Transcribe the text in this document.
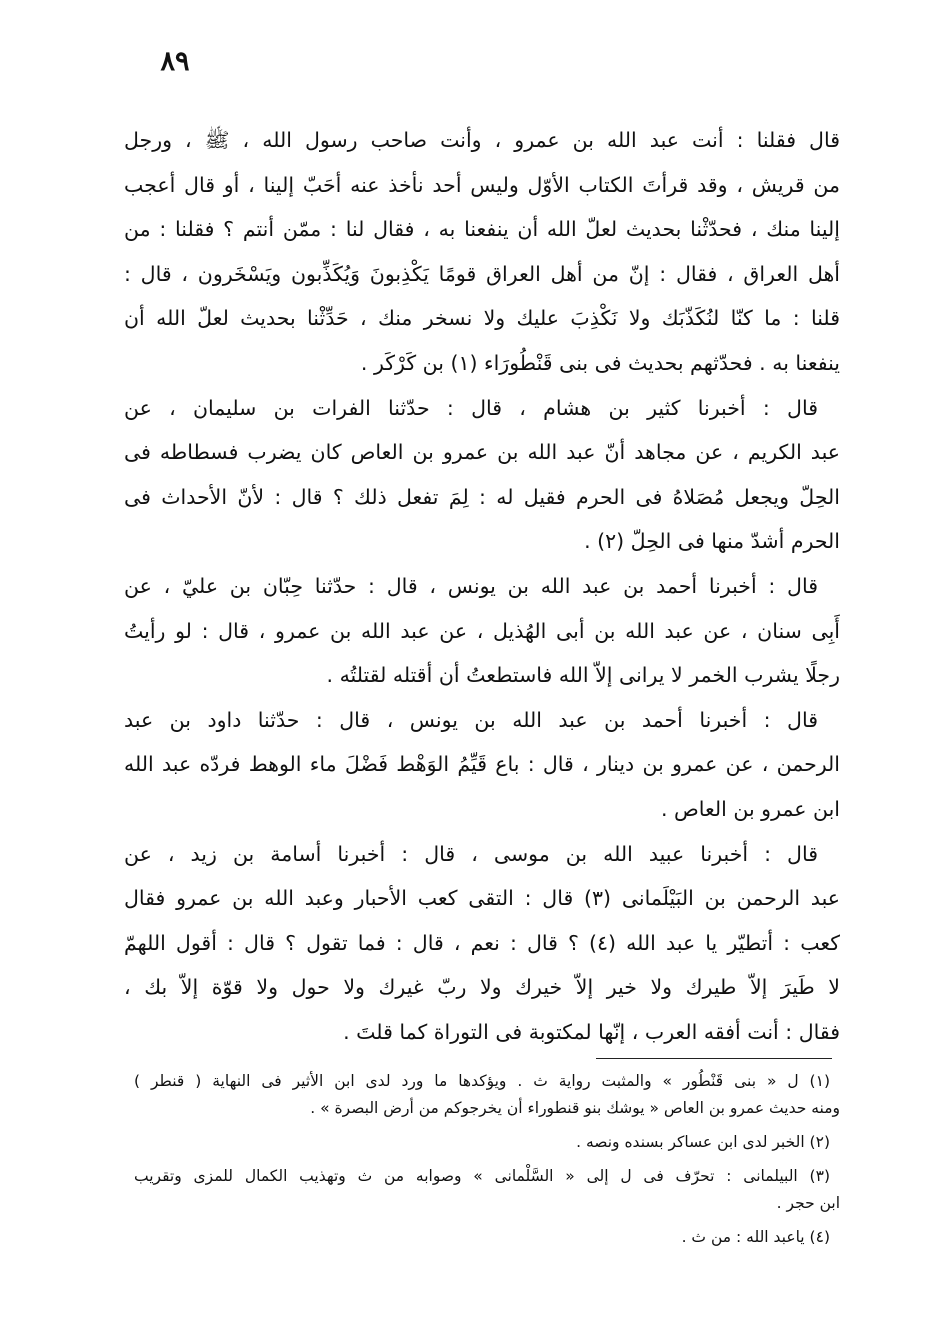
٨٩

قال فقلنا : أنت عبد الله بن عمرو ، وأنت صاحب رسول الله ، ﷺ ، ورجل
من قريش ، وقد قرأتَ الكتاب الأوّل وليس أحد نأخذ عنه أحَبّ إلينا ، أو قال أعجب
إلينا منك ، فحدّثْنا بحديث لعلّ الله أن ينفعنا به ، فقال لنا : ممّن أنتم ؟ فقلنا : من
أهل العراق ، فقال : إنّ من أهل العراق قومًا يَكْذِبونَ وَيُكَذِّبون ويَسْخَرون ، قال :
قلنا : ما كنّا لنُكَذّبَك ولا نَكْذِبَ عليك ولا نسخر منك ، حَدِّثْنا بحديث لعلّ الله أن
ينفعنا به . فحدّثهم بحديث فى بنى قَنْطُورَاء (١) بن كَرْكَر .

قال : أخبرنا كثير بن هشام ، قال : حدّثنا الفرات بن سليمان ، عن
عبد الكريم ، عن مجاهد أنّ عبد الله بن عمرو بن العاص كان يضرب فسطاطه فى
الحِلّ ويجعل مُصَلاهُ فى الحرم فقيل له : لِمَ تفعل ذلك ؟ قال : لأنّ الأحداث فى
الحرم أشدّ منها فى الحِلّ (٢) .

قال : أخبرنا أحمد بن عبد الله بن يونس ، قال : حدّثنا حِبّان بن عليّ ، عن
أَبِى سنان ، عن عبد الله بن أبى الهُذيل ، عن عبد الله بن عمرو ، قال : لو رأيتُ
رجلًا يشرب الخمر لا يرانى إلاّ الله فاستطعتُ أن أقتله لقتلتُه .

قال : أخبرنا أحمد بن عبد الله بن يونس ، قال : حدّثنا داود بن عبد
الرحمن ، عن عمرو بن دينار ، قال : باع قَيِّمُ الوَهْط فَضْلَ ماء الوهط فردّه عبد الله
ابن عمرو بن العاص .

قال : أخبرنا عبيد الله بن موسى ، قال : أخبرنا أسامة بن زيد ، عن
عبد الرحمن بن البَيْلَمانى (٣) قال : التقى كعب الأحبار وعبد الله بن عمرو فقال
كعب : أتطيّر يا عبد الله (٤) ؟ قال : نعم ، قال : فما تقول ؟ قال : أقول اللهمّ
لا طَيرَ إلاّ طيرك ولا خير إلاّ خيرك ولا ربّ غيرك ولا حول ولا قوّة إلاّ بك ،
فقال : أنت أفقه العرب ، إنّها لمكتوبة فى التوراة كما قلتَ .

(١) ل « بنى قَنْطُور » والمثبت رواية ث . ويؤكدها ما ورد لدى ابن الأثير فى النهاية ( قنطر )
ومنه حديث عمرو بن العاص « يوشك بنو قنطوراء أن يخرجوكم من أرض البصرة » .
(٢) الخبر لدى ابن عساكر بسنده ونصه .
(٣) البيلمانى : تحرّف فى ل إلى « السَّلْمانى » وصوابه من ث وتهذيب الكمال للمزى وتقريب
ابن حجر .
(٤) ياعبد الله : من ث .
